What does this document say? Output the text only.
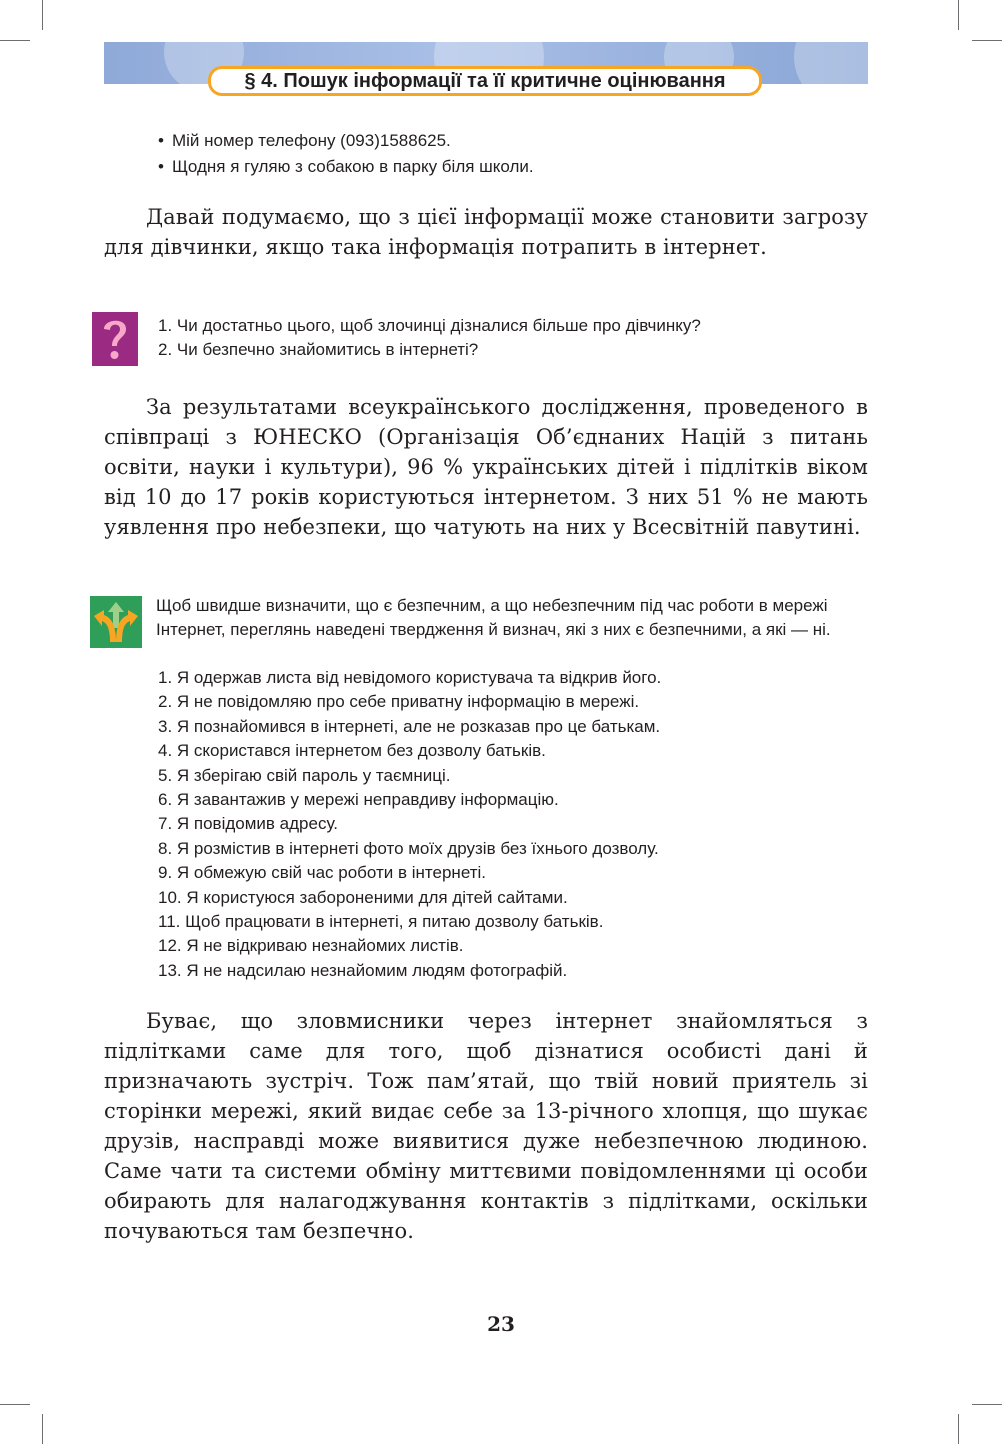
§ 4. Пошук інформації та її критичне оцінювання
• Мій номер телефону (093)1588625.
• Щодня я гуляю з собакою в парку біля школи.

Давай подумаємо, що з цієї інформації може становити загрозу для дівчинки, якщо така інформація потрапить в інтернет.

1. Чи достатньо цього, щоб злочинці дізналися більше про дівчинку?
2. Чи безпечно знайомитись в інтернеті?

За результатами всеукраїнського дослідження, проведеного в співпраці з ЮНЕСКО (Організація Об’єднаних Націй з питань освіти, науки і культури), 96 % українських дітей і підлітків віком від 10 до 17 років користуються інтернетом. З них 51 % не мають уявлення про небезпеки, що чатують на них у Всесвітній павутині.

Щоб швидше визначити, що є безпечним, а що небезпечним під час роботи в мережі Інтернет, переглянь наведені твердження й визнач, які з них є безпечними, а які — ні.

1. Я одержав листа від невідомого користувача та відкрив його.
2. Я не повідомляю про себе приватну інформацію в мережі.
3. Я познайомився в інтернеті, але не розказав про це батькам.
4. Я скористався інтернетом без дозволу батьків.
5. Я зберігаю свій пароль у таємниці.
6. Я завантажив у мережі неправдиву інформацію.
7. Я повідомив адресу.
8. Я розмістив в інтернеті фото моїх друзів без їхнього дозволу.
9. Я обмежую свій час роботи в інтернеті.
10. Я користуюся забороненими для дітей сайтами.
11. Щоб працювати в інтернеті, я питаю дозволу батьків.
12. Я не відкриваю незнайомих листів.
13. Я не надсилаю незнайомим людям фотографій.

Буває, що зловмисники через інтернет знайомляться з підлітками саме для того, щоб дізнатися особисті дані й призначають зустріч. Тож пам’ятай, що твій новий приятель зі сторінки мережі, який видає себе за 13-річного хлопця, що шукає друзів, насправді може виявитися дуже небезпечною людиною. Саме чати та системи обміну миттєвими повідомленнями ці особи обирають для налагоджування контактів з підлітками, оскільки почуваються там безпечно.

23
